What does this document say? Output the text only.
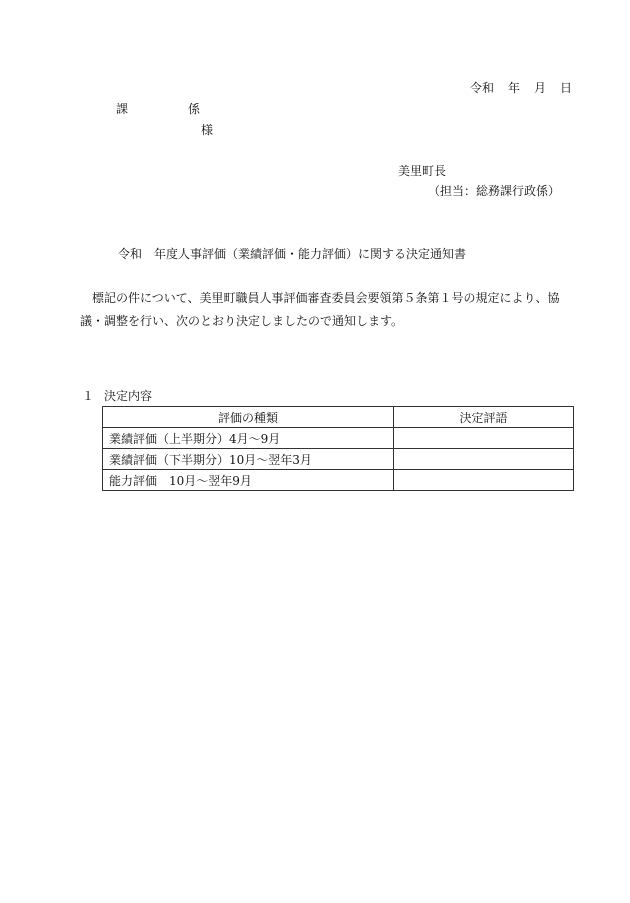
令和 年 月 日
課	係
様
美里町長
（担当：総務課行政係）
令和　年度人事評価（業績評価・能力評価）に関する決定通知書
標記の件について、美里町職員人事評価審査委員会要領第５条第１号の規定により、協議・調整を行い、次のとおり決定しましたので通知します。
１ 決定内容
評価の種類	決定評語
業績評価（上半期分）4月～9月	
業績評価（下半期分）10月～翌年3月	
能力評価　10月～翌年9月	
